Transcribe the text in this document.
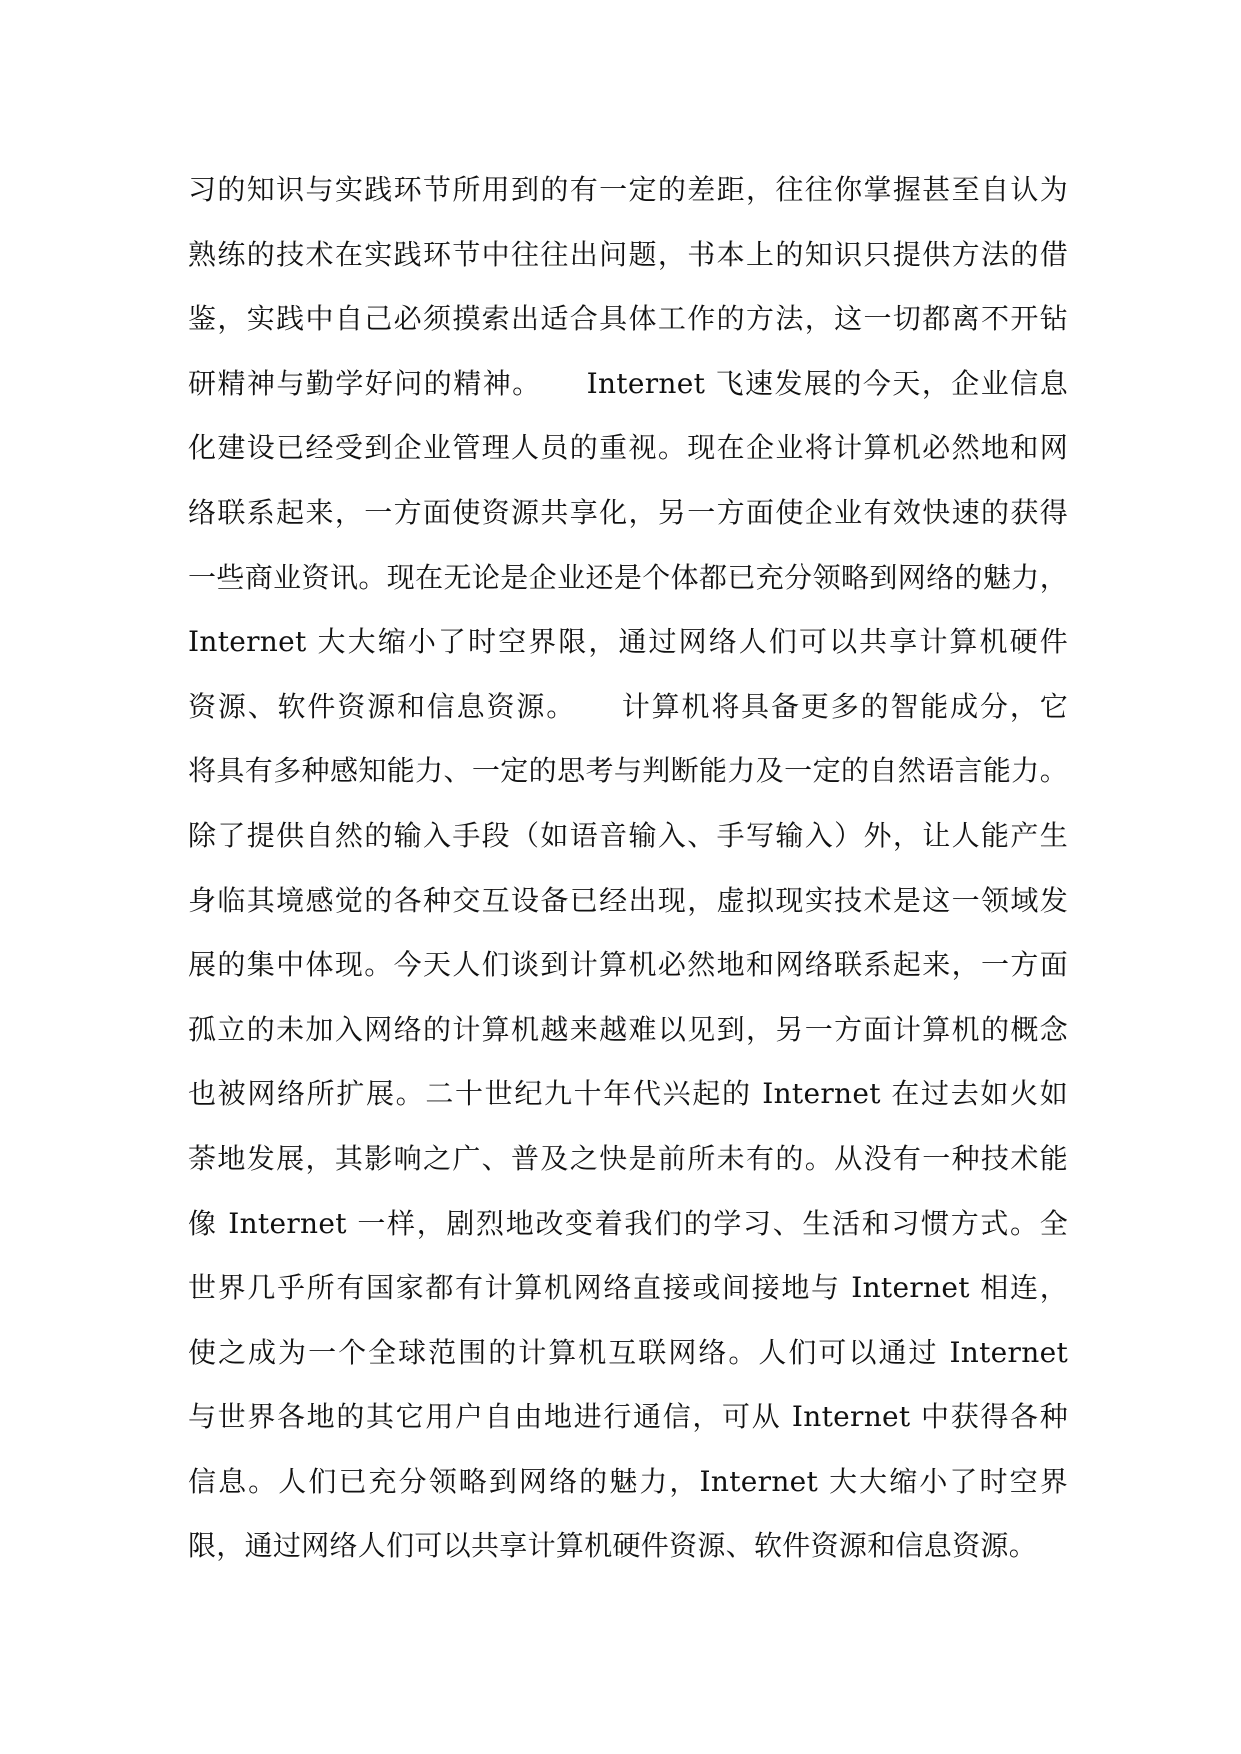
习的知识与实践环节所用到的有一定的差距，往往你掌握甚至自认为
熟练的技术在实践环节中往往出问题，书本上的知识只提供方法的借
鉴，实践中自己必须摸索出适合具体工作的方法，这一切都离不开钻
研精神与勤学好问的精神。　　Internet 飞速发展的今天，企业信息
化建设已经受到企业管理人员的重视。现在企业将计算机必然地和网
络联系起来，一方面使资源共享化，另一方面使企业有效快速的获得
一些商业资讯。现在无论是企业还是个体都已充分领略到网络的魅力，
Internet 大大缩小了时空界限，通过网络人们可以共享计算机硬件
资源、软件资源和信息资源。　　计算机将具备更多的智能成分，它
将具有多种感知能力、一定的思考与判断能力及一定的自然语言能力。
除了提供自然的输入手段（如语音输入、手写输入）外，让人能产生
身临其境感觉的各种交互设备已经出现，虚拟现实技术是这一领域发
展的集中体现。今天人们谈到计算机必然地和网络联系起来，一方面
孤立的未加入网络的计算机越来越难以见到，另一方面计算机的概念
也被网络所扩展。二十世纪九十年代兴起的 Internet 在过去如火如
荼地发展，其影响之广、普及之快是前所未有的。从没有一种技术能
像 Internet 一样，剧烈地改变着我们的学习、生活和习惯方式。全
世界几乎所有国家都有计算机网络直接或间接地与 Internet 相连，
使之成为一个全球范围的计算机互联网络。人们可以通过 Internet
与世界各地的其它用户自由地进行通信，可从 Internet 中获得各种
信息。人们已充分领略到网络的魅力，Internet 大大缩小了时空界
限，通过网络人们可以共享计算机硬件资源、软件资源和信息资源。
